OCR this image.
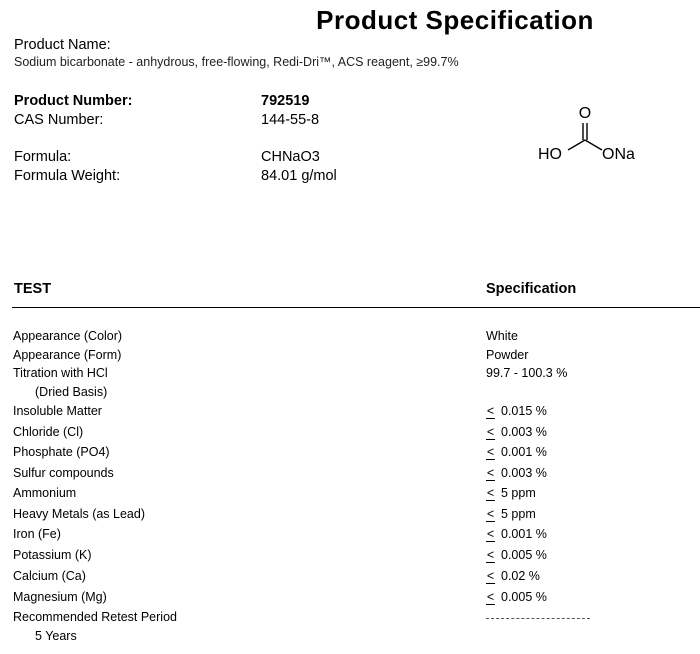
Product Specification
Product Name:
Sodium bicarbonate - anhydrous, free-flowing, Redi-Dri™, ACS reagent, ≥99.7%
Product Number:	792519
CAS Number:	144-55-8
Formula:	CHNaO3
Formula Weight:	84.01 g/mol
O
HO	ONa
TEST	Specification
Appearance (Color)	White
Appearance (Form)	Powder
Titration with HCl	99.7 - 100.3 %
(Dried Basis)
Insoluble Matter	< 0.015 %
Chloride (Cl)	< 0.003 %
Phosphate (PO4)	< 0.001 %
Sulfur compounds	< 0.003 %
Ammonium	< 5 ppm
Heavy Metals (as Lead)	< 5 ppm
Iron (Fe)	< 0.001 %
Potassium (K)	< 0.005 %
Calcium (Ca)	< 0.02 %
Magnesium (Mg)	< 0.005 %
Recommended Retest Period
5 Years
